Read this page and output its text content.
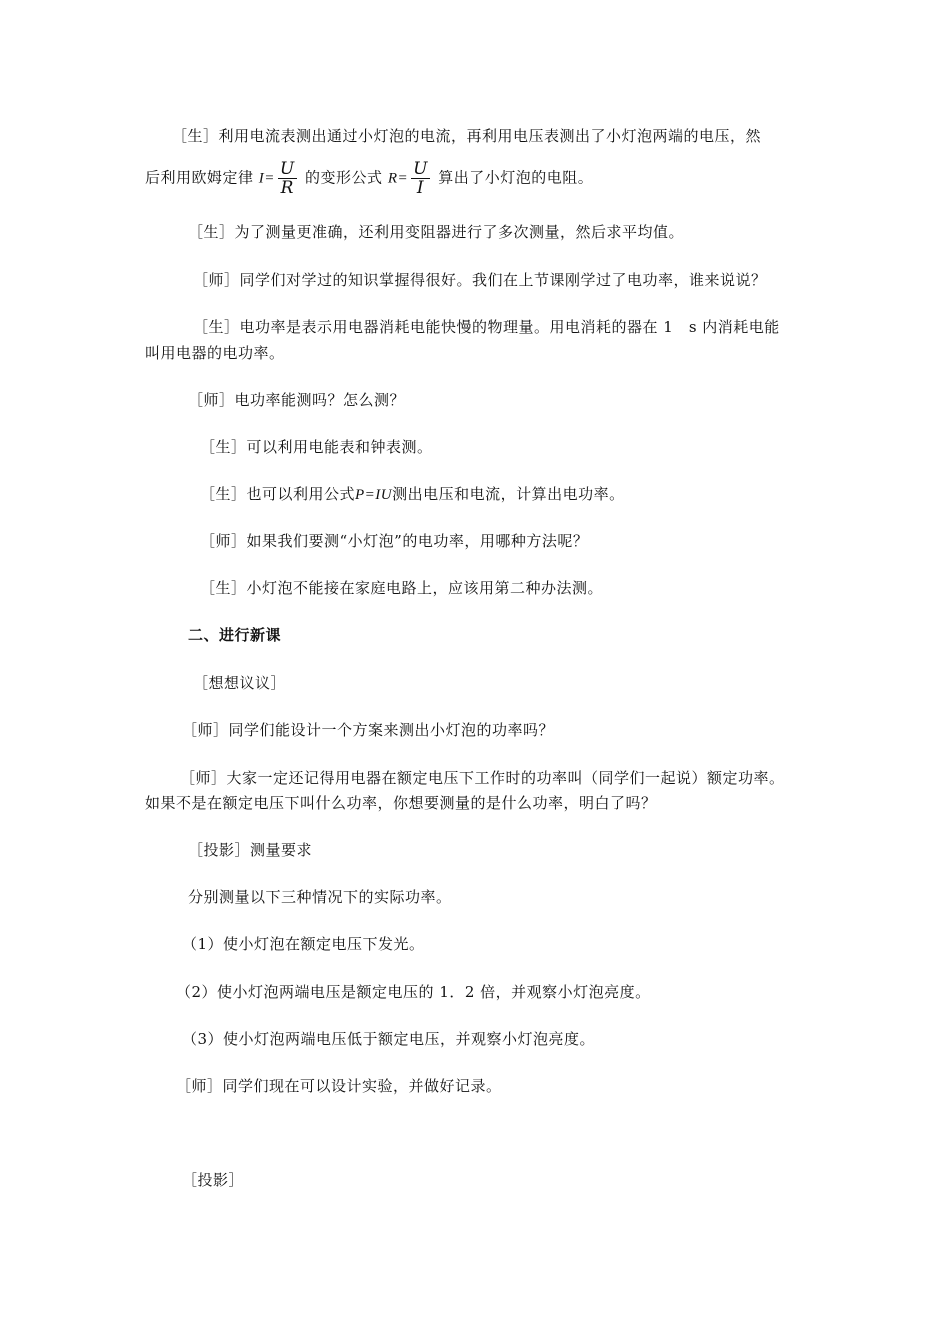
［生］利用电流表测出通过小灯泡的电流，再利用电压表测出了小灯泡两端的电压，然
后利用欧姆定律 $I= \frac{U}{R}$ 的变形公式 $R= \frac{U}{I}$ 算出了小灯泡的电阻。
［生］为了测量更准确，还利用变阻器进行了多次测量，然后求平均值。
［师］同学们对学过的知识掌握得很好。我们在上节课刚学过了电功率，谁来说说？
［生］电功率是表示用电器消耗电能快慢的物理量。用电消耗的器在 1　s 内消耗电能
叫用电器的电功率。
［师］电功率能测吗？怎么测？
［生］可以利用电能表和钟表测。
［生］也可以利用公式P=IU测出电压和电流，计算出电功率。
［师］如果我们要测“小灯泡”的电功率，用哪种方法呢？
［生］小灯泡不能接在家庭电路上，应该用第二种办法测。
二、进行新课
［想想议议］
［师］同学们能设计一个方案来测出小灯泡的功率吗？
［师］大家一定还记得用电器在额定电压下工作时的功率叫（同学们一起说）额定功率。
如果不是在额定电压下叫什么功率，你想要测量的是什么功率，明白了吗？
［投影］测量要求
分别测量以下三种情况下的实际功率。
（1）使小灯泡在额定电压下发光。
（2）使小灯泡两端电压是额定电压的 1．2 倍，并观察小灯泡亮度。
（3）使小灯泡两端电压低于额定电压，并观察小灯泡亮度。
［师］同学们现在可以设计实验，并做好记录。
［投影］
